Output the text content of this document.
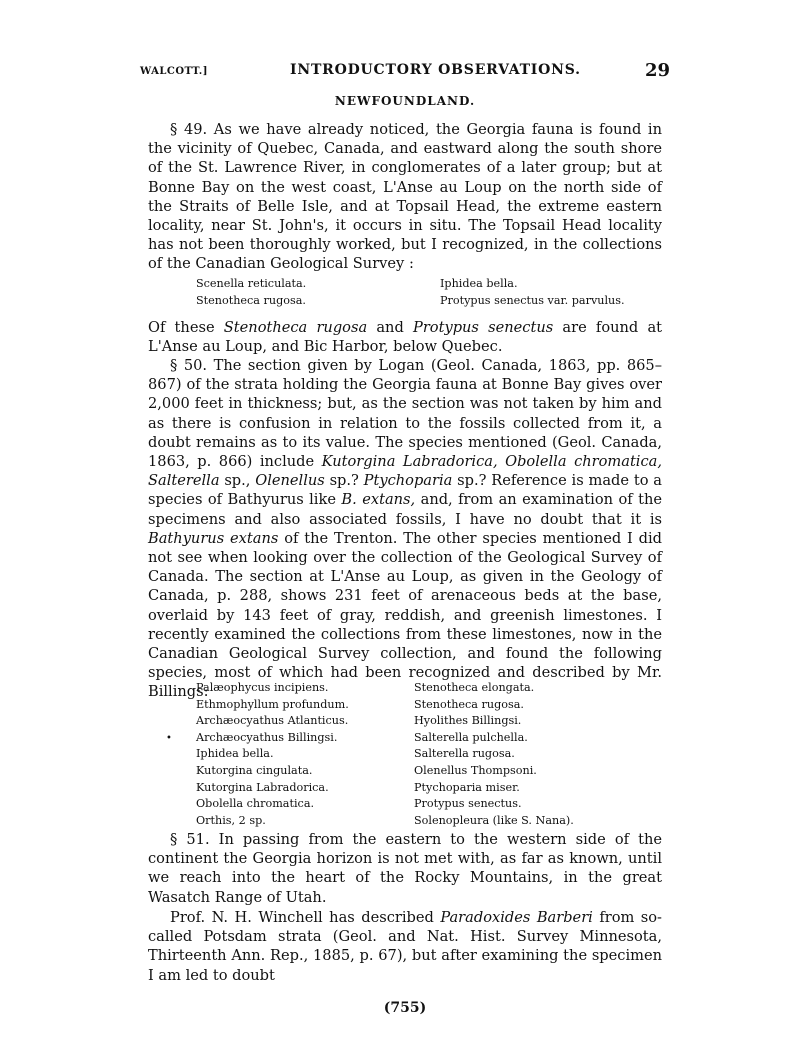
WALCOTT.]	INTRODUCTORY OBSERVATIONS.	29
NEWFOUNDLAND.

§ 49. As we have already noticed, the Georgia fauna is found in the vicinity of Quebec, Canada, and eastward along the south shore of the St. Lawrence River, in conglomerates of a later group; but at Bonne Bay on the west coast, L'Anse au Loup on the north side of the Straits of Belle Isle, and at Topsail Head, the extreme eastern locality, near St. John's, it occurs in situ. The Topsail Head locality has not been thoroughly worked, but I recognized, in the collections of the Canadian Geological Survey :

Scenella reticulata.
Stenotheca rugosa.
Iphidea bella.
Protypus senectus var. parvulus.

Of these Stenotheca rugosa and Protypus senectus are found at L'Anse au Loup, and Bic Harbor, below Quebec.

§ 50. The section given by Logan (Geol. Canada, 1863, pp. 865–867) of the strata holding the Georgia fauna at Bonne Bay gives over 2,000 feet in thickness; but, as the section was not taken by him and as there is confusion in relation to the fossils collected from it, a doubt remains as to its value. The species mentioned (Geol. Canada, 1863, p. 866) include Kutorgina Labradorica, Obolella chromatica, Salterella sp., Olenellus sp.? Ptychoparia sp.? Reference is made to a species of Bathyurus like B. extans, and, from an examination of the specimens and also associated fossils, I have no doubt that it is Bathyurus extans of the Trenton. The other species mentioned I did not see when looking over the collection of the Geological Survey of Canada. The section at L'Anse au Loup, as given in the Geology of Canada, p. 288, shows 231 feet of arenaceous beds at the base, overlaid by 143 feet of gray, reddish, and greenish limestones. I recently examined the collections from these limestones, now in the Canadian Geological Survey collection, and found the following species, most of which had been recognized and described by Mr. Billings:

Palæophycus incipiens.
Ethmophyllum profundum.
Archæocyathus Atlanticus.
Archæocyathus Billingsi.
Iphidea bella.
Kutorgina cingulata.
Kutorgina Labradorica.
Obolella chromatica.
Orthis, 2 sp.
Stenotheca elongata.
Stenotheca rugosa.
Hyolithes Billingsi.
Salterella pulchella.
Salterella rugosa.
Olenellus Thompsoni.
Ptychoparia miser.
Protypus senectus.
Solenopleura (like S. Nana).
•

§ 51. In passing from the eastern to the western side of the continent the Georgia horizon is not met with, as far as known, until we reach into the heart of the Rocky Mountains, in the great Wasatch Range of Utah.

Prof. N. H. Winchell has described Paradoxides Barberi from so-called Potsdam strata (Geol. and Nat. Hist. Survey Minnesota, Thirteenth Ann. Rep., 1885, p. 67), but after examining the specimen I am led to doubt

(755)
